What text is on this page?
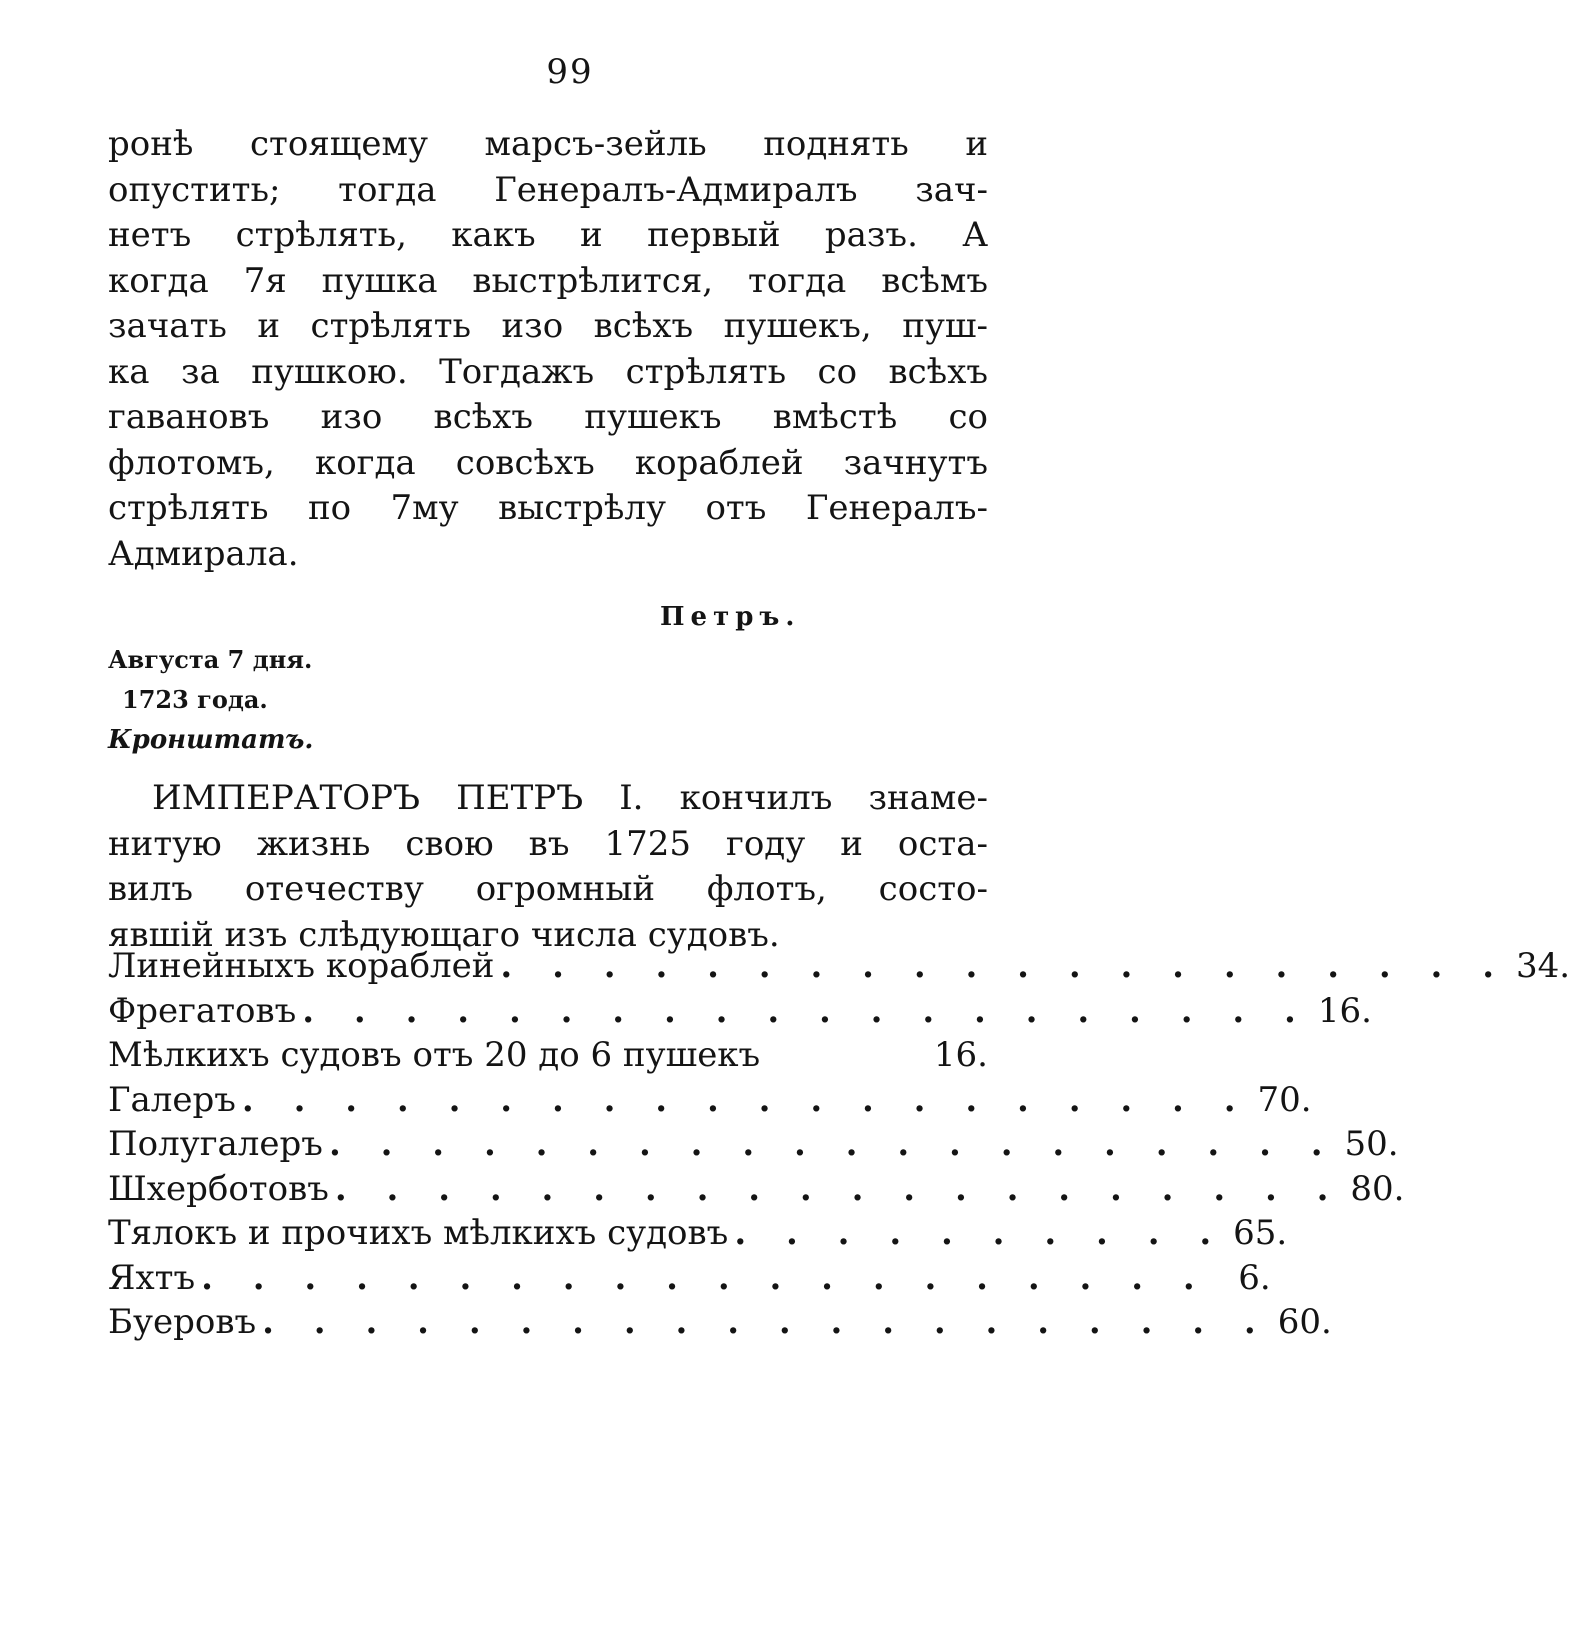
99
ронѣ стоящему марсъ-зейль поднять и
опустить; тогда Генералъ-Адмиралъ зач-
нетъ стрѣлять, какъ и первый разъ. А
когда 7я пушка выстрѣлится, тогда всѣмъ
зачать и стрѣлять изо всѣхъ пушекъ, пуш-
ка за пушкою. Тогдажъ стрѣлять со всѣхъ
гавановъ изо всѣхъ пушекъ вмѣстѣ со
флотомъ, когда совсѣхъ кораблей зачнутъ
стрѣлять по 7му выстрѣлу отъ Генералъ-
Адмирала.
Петръ.
Августа 7 дня.
1723 года.
Кронштатъ.
ИМПЕРАТОРЪ ПЕТРЪ I. кончилъ знаме-
нитую жизнь свою въ 1725 году и оста-
вилъ отечеству огромный флотъ, состо-
явшій изъ слѣдующаго числа судовъ.
Линейныхъ кораблей . . . . . . . . . . . . . . . . . . . . 34.
Фрегатовъ . . . . . . . . . . . . . . . . . . . . 16.
Мѣлкихъ судовъ отъ 20 до 6 пушекъ	16.
Галеръ . . . . . . . . . . . . . . . . . . . . 70.
Полугалеръ . . . . . . . . . . . . . . . . . . . . 50.
Шхерботовъ . . . . . . . . . . . . . . . . . . . . 80.
Тялокъ и прочихъ мѣлкихъ судовъ . . . . . . . . . . 65.
Яхтъ . . . . . . . . . . . . . . . . . . . . 6.
Буеровъ . . . . . . . . . . . . . . . . . . . . 60.
